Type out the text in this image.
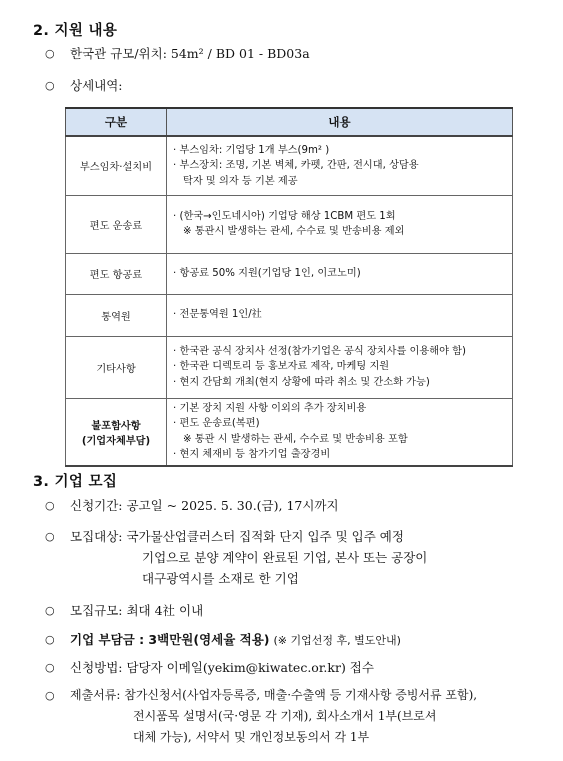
2. 지원 내용
○	한국관 규모/위치: 54m² / BD 01 - BD03a
○	상세내역:
구분	내용
부스임차·설치비	· 부스임차: 기업당 1개 부스(9m² )
· 부스장치: 조명, 기본 벽체, 카펫, 간판, 전시대, 상담용
탁자 및 의자 등 기본 제공

편도 운송료	· (한국→인도네시아) 기업당 해상 1CBM 편도 1회
※ 통관시 발생하는 관세, 수수료 및 반송비용 제외

편도 항공료	· 항공료 50% 지원(기업당 1인, 이코노미)

통역원	· 전문통역원 1인/社

기타사항	· 한국관 공식 장치사 선정(참가기업은 공식 장치사를 이용해야 함)
· 한국관 디렉토리 등 홍보자료 제작, 마케팅 지원
· 현지 간담회 개최(현지 상황에 따라 취소 및 간소화 가능)

불포함사항
(기업자체부담)	· 기본 장치 지원 사항 이외의 추가 장치비용
· 편도 운송료(복편)
※ 통관 시 발생하는 관세, 수수료 및 반송비용 포함
· 현지 체재비 등 참가기업 출장경비
3. 기업 모집
○	신청기간: 공고일 ~ 2025. 5. 30.(금), 17시까지
○	모집대상: 국가물산업클러스터 집적화 단지 입주 및 입주 예정
기업으로 분양 계약이 완료된 기업, 본사 또는 공장이
대구광역시를 소재로 한 기업
○	모집규모: 최대 4社 이내
○	기업 부담금 : 3백만원(영세율 적용) (※ 기업선정 후, 별도안내)
○	신청방법: 담당자 이메일(yekim@kiwatec.or.kr) 접수
○	제출서류: 참가신청서(사업자등록증, 매출·수출액 등 기재사항 증빙서류 포함),
전시품목 설명서(국·영문 각 기재), 회사소개서 1부(브로셔
대체 가능), 서약서 및 개인정보동의서 각 1부
